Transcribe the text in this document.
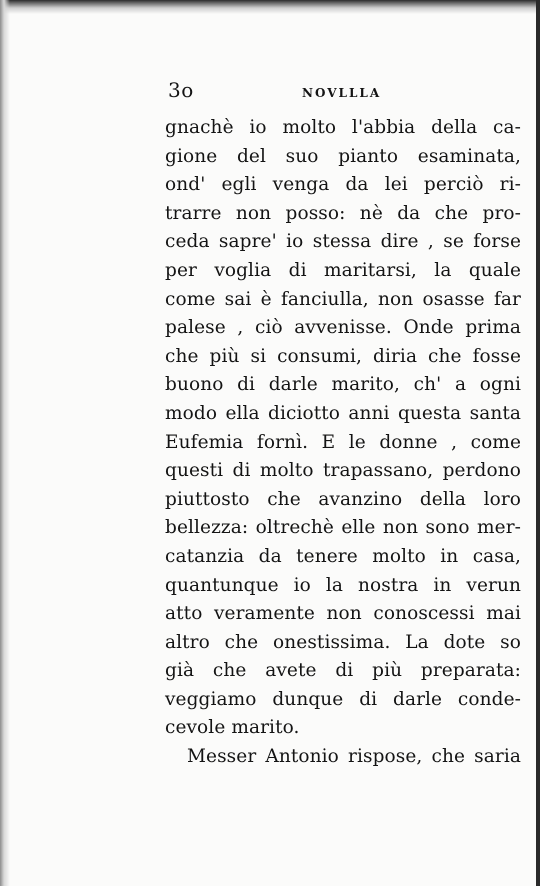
3o	NOVLLLA
gnachè io molto l'abbia della ca-
gione del suo pianto esaminata,
ond' egli venga da lei perciò ri-
trarre non posso: nè da che pro-
ceda sapre' io stessa dire , se forse
per voglia di maritarsi, la quale
come sai è fanciulla, non osasse far
palese , ciò avvenisse. Onde prima
che più si consumi, diria che fosse
buono di darle marito, ch' a ogni
modo ella diciotto anni questa santa
Eufemia fornì. E le donne , come
questi di molto trapassano, perdono
piuttosto che avanzino della loro
bellezza: oltrechè elle non sono mer-
catanzia da tenere molto in casa,
quantunque io la nostra in verun
atto veramente non conoscessi mai
altro che onestissima. La dote so
già che avete di più preparata:
veggiamo dunque di darle conde-
cevole marito.
Messer Antonio rispose, che saria
